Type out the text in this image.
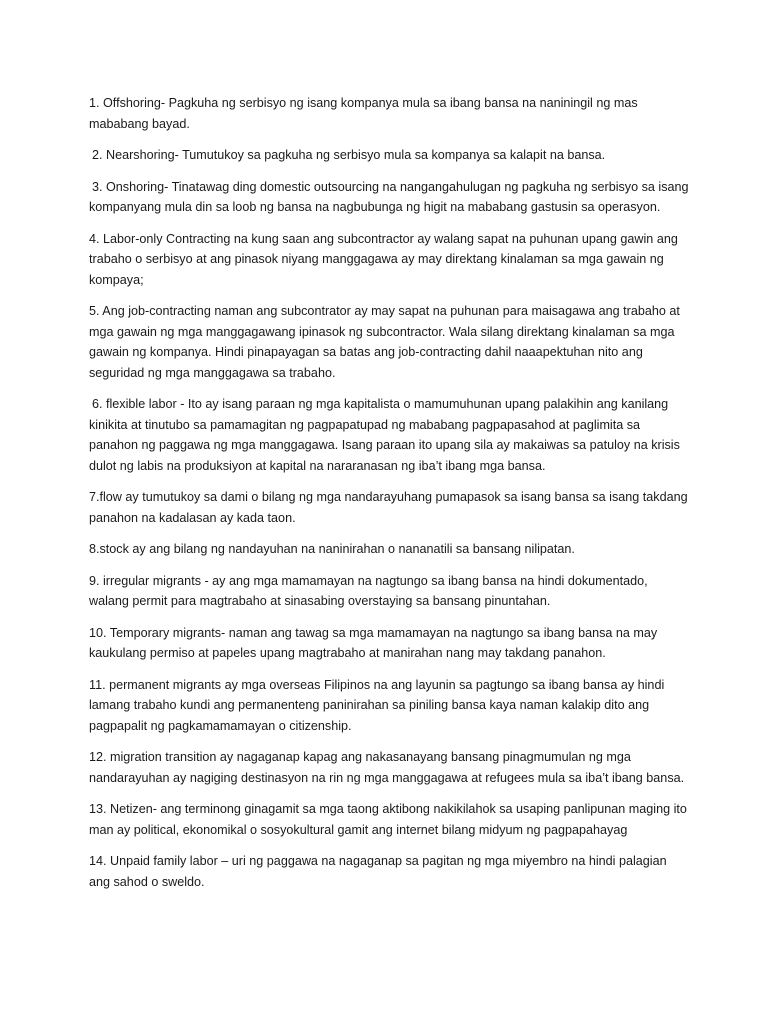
1. Offshoring- Pagkuha ng serbisyo ng isang kompanya mula sa ibang bansa na naniningil ng mas mababang bayad.

2. Nearshoring- Tumutukoy sa pagkuha ng serbisyo mula sa kompanya sa kalapit na bansa.

3. Onshoring- Tinatawag ding domestic outsourcing na nangangahulugan ng pagkuha ng serbisyo sa isang kompanyang mula din sa loob ng bansa na nagbubunga ng higit na mababang gastusin sa operasyon.

4. Labor-only Contracting na kung saan ang subcontractor ay walang sapat na puhunan upang gawin ang trabaho o serbisyo at ang pinasok niyang manggagawa ay may direktang kinalaman sa mga gawain ng kompaya;

5. Ang job-contracting naman ang subcontrator ay may sapat na puhunan para maisagawa ang trabaho at mga gawain ng mga manggagawang ipinasok ng subcontractor. Wala silang direktang kinalaman sa mga gawain ng kompanya. Hindi pinapayagan sa batas ang job-contracting dahil naaapektuhan nito ang seguridad ng mga manggagawa sa trabaho.

6. flexible labor - Ito ay isang paraan ng mga kapitalista o mamumuhunan upang palakihin ang kanilang kinikita at tinutubo sa pamamagitan ng pagpapatupad ng mababang pagpapasahod at paglimita sa panahon ng paggawa ng mga manggagawa. Isang paraan ito upang sila ay makaiwas sa patuloy na krisis dulot ng labis na produksiyon at kapital na nararanasan ng iba’t ibang mga bansa.

7.flow ay tumutukoy sa dami o bilang ng mga nandarayuhang pumapasok sa isang bansa sa isang takdang panahon na kadalasan ay kada taon.

8.stock ay ang bilang ng nandayuhan na naninirahan o nananatili sa bansang nilipatan.

9. irregular migrants - ay ang mga mamamayan na nagtungo sa ibang bansa na hindi dokumentado, walang permit para magtrabaho at sinasabing overstaying sa bansang pinuntahan.

10. Temporary migrants- naman ang tawag sa mga mamamayan na nagtungo sa ibang bansa na may kaukulang permiso at papeles upang magtrabaho at manirahan nang may takdang panahon.

11. permanent migrants ay mga overseas Filipinos na ang layunin sa pagtungo sa ibang bansa ay hindi lamang trabaho kundi ang permanenteng paninirahan sa piniling bansa kaya naman kalakip dito ang pagpapalit ng pagkamamamayan o citizenship.

12. migration transition ay nagaganap kapag ang nakasanayang bansang pinagmumulan ng mga nandarayuhan ay nagiging destinasyon na rin ng mga manggagawa at refugees mula sa iba’t ibang bansa.

13. Netizen- ang terminong ginagamit sa mga taong aktibong nakikilahok sa usaping panlipunan maging ito man ay political, ekonomikal o sosyokultural gamit ang internet bilang midyum ng pagpapahayag

14. Unpaid family labor – uri ng paggawa na nagaganap sa pagitan ng mga miyembro na hindi palagian ang sahod o sweldo.
